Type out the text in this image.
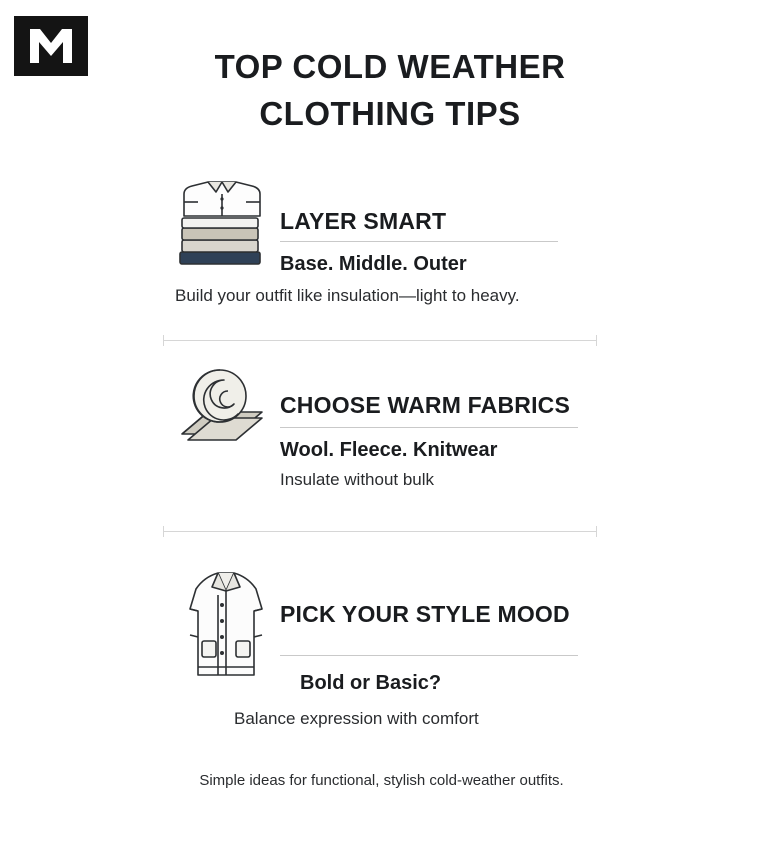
TOP COLD WEATHER
CLOTHING TIPS
LAYER SMART
Base. Middle. Outer
Build your outfit like insulation—light to heavy.
CHOOSE WARM FABRICS
Wool. Fleece. Knitwear
Insulate without bulk
PICK YOUR STYLE MOOD
Bold or Basic?
Balance expression with comfort
Simple ideas for functional, stylish cold-weather outfits.
